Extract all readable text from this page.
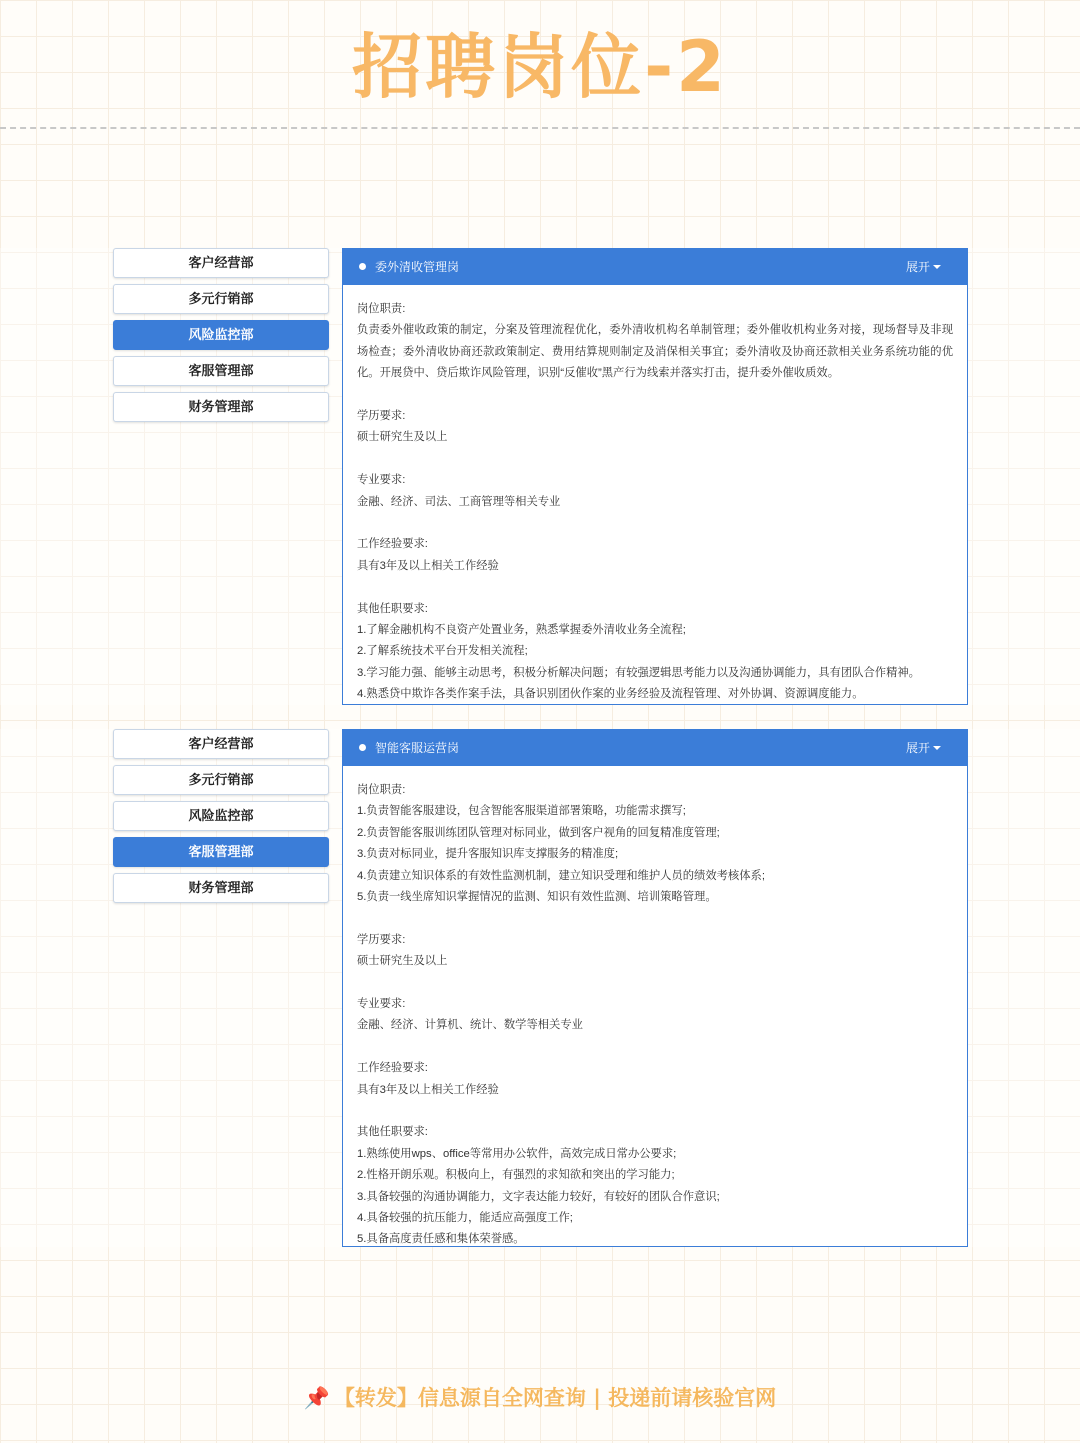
招聘岗位-2
客户经营部
多元行销部
风险监控部
客服管理部
财务管理部
委外清收管理岗	展开
岗位职责:
负责委外催收政策的制定，分案及管理流程优化，委外清收机构名单制管理；委外催收机构业务对接，现场督导及非现场检查；委外清收协商还款政策制定、费用结算规则制定及消保相关事宜；委外清收及协商还款相关业务系统功能的优化。开展贷中、贷后欺诈风险管理，识别“反催收”黑产行为线索并落实打击，提升委外催收质效。
学历要求:
硕士研究生及以上
专业要求:
金融、经济、司法、工商管理等相关专业
工作经验要求:
具有3年及以上相关工作经验
其他任职要求:
1.了解金融机构不良资产处置业务，熟悉掌握委外清收业务全流程;
2.了解系统技术平台开发相关流程;
3.学习能力强、能够主动思考，积极分析解决问题；有较强逻辑思考能力以及沟通协调能力，具有团队合作精神。
4.熟悉贷中欺诈各类作案手法，具备识别团伙作案的业务经验及流程管理、对外协调、资源调度能力。
客户经营部
多元行销部
风险监控部
客服管理部
财务管理部
智能客服运营岗	展开
岗位职责:
1.负责智能客服建设，包含智能客服渠道部署策略，功能需求撰写;
2.负责智能客服训练团队管理对标同业，做到客户视角的回复精准度管理;
3.负责对标同业，提升客服知识库支撑服务的精准度;
4.负责建立知识体系的有效性监测机制，建立知识受理和维护人员的绩效考核体系;
5.负责一线坐席知识掌握情况的监测、知识有效性监测、培训策略管理。
学历要求:
硕士研究生及以上
专业要求:
金融、经济、计算机、统计、数学等相关专业
工作经验要求:
具有3年及以上相关工作经验
其他任职要求:
1.熟练使用wps、office等常用办公软件，高效完成日常办公要求;
2.性格开朗乐观。积极向上，有强烈的求知欲和突出的学习能力;
3.具备较强的沟通协调能力，文字表达能力较好，有较好的团队合作意识;
4.具备较强的抗压能力，能适应高强度工作;
5.具备高度责任感和集体荣誉感。
📌 【转发】信息源自全网查询 | 投递前请核验官网
